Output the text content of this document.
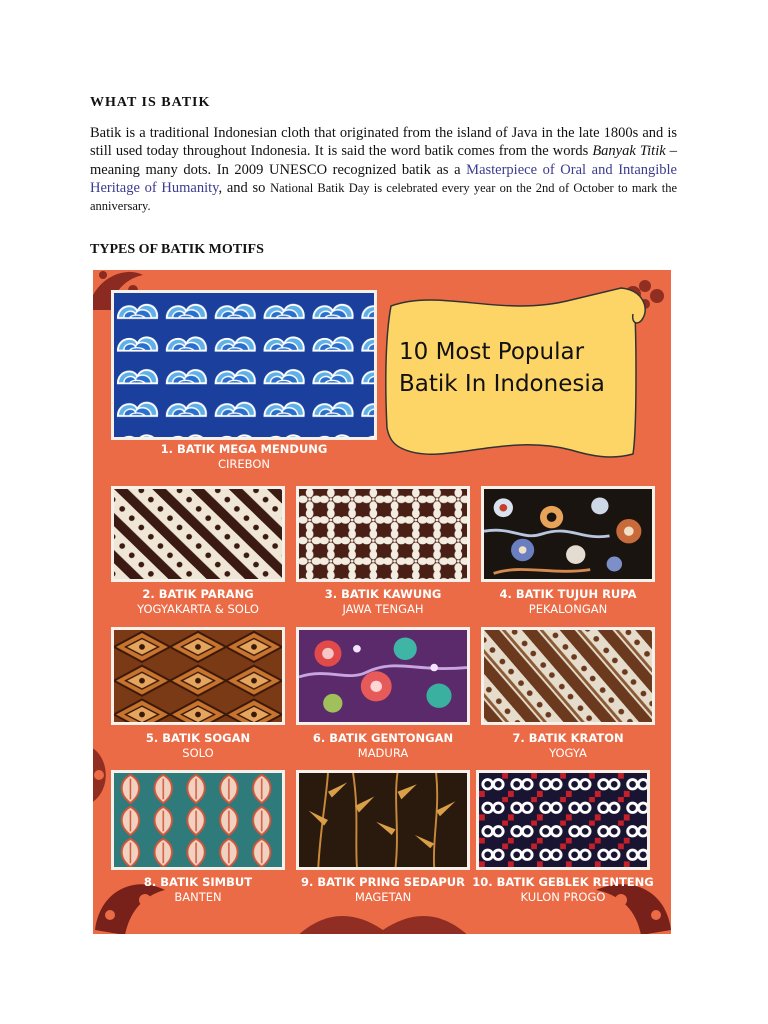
WHAT IS BATIK

Batik is a traditional Indonesian cloth that originated from the island of Java in the late 1800s and is still used today throughout Indonesia. It is said the word batik comes from the words Banyak Titik – meaning many dots. In 2009 UNESCO recognized batik as a Masterpiece of Oral and Intangible Heritage of Humanity, and so National Batik Day is celebrated every year on the 2nd of October to mark the anniversary.

TYPES OF BATIK MOTIFS
10 Most Popular
Batik In Indonesia
1. BATIK MEGA MENDUNG
CIREBON
2. BATIK PARANG
YOGYAKARTA & SOLO
3. BATIK KAWUNG
JAWA TENGAH
4. BATIK TUJUH RUPA
PEKALONGAN
5. BATIK SOGAN
SOLO
6. BATIK GENTONGAN
MADURA
7. BATIK KRATON
YOGYA
8. BATIK SIMBUT
BANTEN
9. BATIK PRING SEDAPUR
MAGETAN
10. BATIK GEBLEK RENTENG
KULON PROGO
